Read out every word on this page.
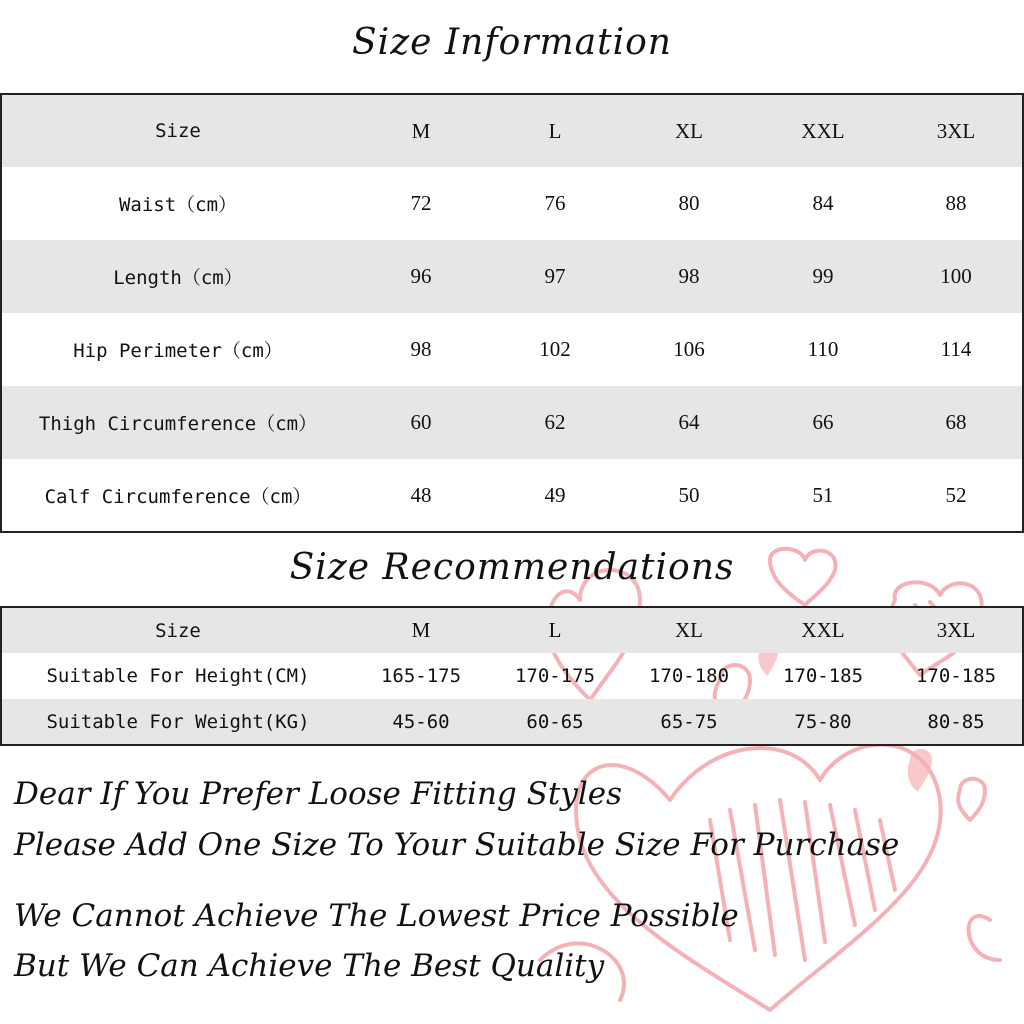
Size Information
Size	M	L	XL	XXL	3XL
Waist（cm）	72	76	80	84	88
Length（cm）	96	97	98	99	100
Hip Perimeter（cm）	98	102	106	110	114
Thigh Circumference（cm）	60	62	64	66	68
Calf Circumference（cm）	48	49	50	51	52
Size Recommendations
Size	M	L	XL	XXL	3XL
Suitable For Height(CM)	165-175	170-175	170-180	170-185	170-185
Suitable For Weight(KG)	45-60	60-65	65-75	75-80	80-85
Dear If You Prefer Loose Fitting Styles
Please Add One Size To Your Suitable Size For Purchase
We Cannot Achieve The Lowest Price Possible
But We Can Achieve The Best Quality
